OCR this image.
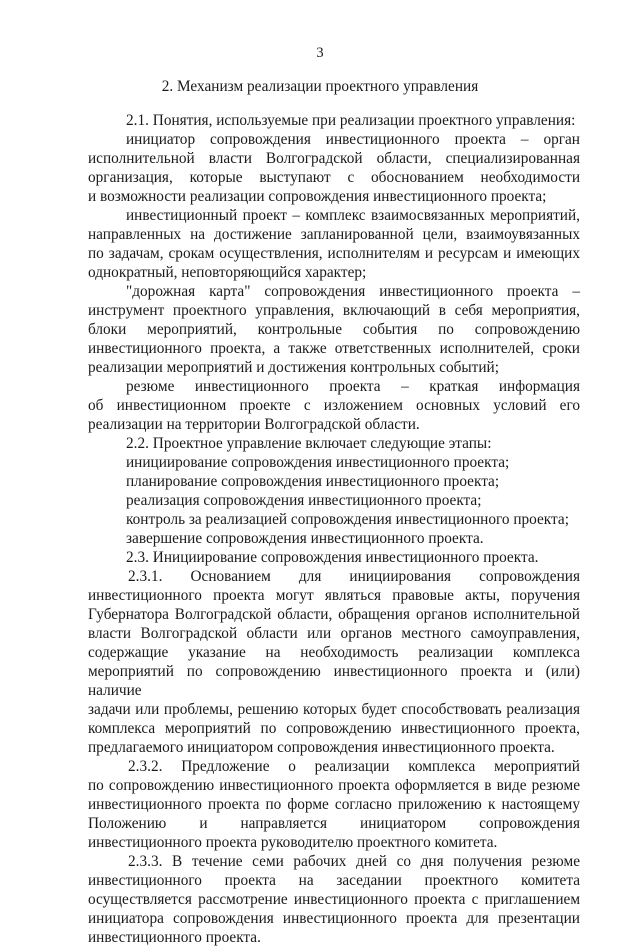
3
2. Механизм реализации проектного управления

2.1. Понятия, используемые при реализации проектного управления:

инициатор сопровождения инвестиционного проекта – орган

исполнительной власти Волгоградской области, специализированная

организация, которые выступают с обоснованием необходимости

и возможности реализации сопровождения инвестиционного проекта;

инвестиционный проект – комплекс взаимосвязанных мероприятий,

направленных на достижение запланированной цели, взаимоувязанных

по задачам, срокам осуществления, исполнителям и ресурсам и имеющих

однократный, неповторяющийся характер;

"дорожная карта" сопровождения инвестиционного проекта –

инструмент проектного управления, включающий в себя мероприятия,

блоки мероприятий, контрольные события по сопровождению

инвестиционного проекта, а также ответственных исполнителей, сроки

реализации мероприятий и достижения контрольных событий;

резюме инвестиционного проекта – краткая информация

об инвестиционном проекте с изложением основных условий его

реализации на территории Волгоградской области.

2.2. Проектное управление включает следующие этапы:

инициирование сопровождения инвестиционного проекта;

планирование сопровождения инвестиционного проекта;

реализация сопровождения инвестиционного проекта;

контроль за реализацией сопровождения инвестиционного проекта;

завершение сопровождения инвестиционного проекта.

2.3. Инициирование сопровождения инвестиционного проекта.

2.3.1. Основанием для инициирования сопровождения

инвестиционного проекта могут являться правовые акты, поручения

Губернатора Волгоградской области, обращения органов исполнительной

власти Волгоградской области или органов местного самоуправления,

содержащие указание на необходимость реализации комплекса

мероприятий по сопровождению инвестиционного проекта и (или) наличие

задачи или проблемы, решению которых будет способствовать реализация

комплекса мероприятий по сопровождению инвестиционного проекта,

предлагаемого инициатором сопровождения инвестиционного проекта.

2.3.2. Предложение о реализации комплекса мероприятий

по сопровождению инвестиционного проекта оформляется в виде резюме

инвестиционного проекта по форме согласно приложению к настоящему

Положению и направляется инициатором сопровождения

инвестиционного проекта руководителю проектного комитета.

2.3.3. В течение семи рабочих дней со дня получения резюме

инвестиционного проекта на заседании проектного комитета

осуществляется рассмотрение инвестиционного проекта с приглашением

инициатора сопровождения инвестиционного проекта для презентации

инвестиционного проекта.
